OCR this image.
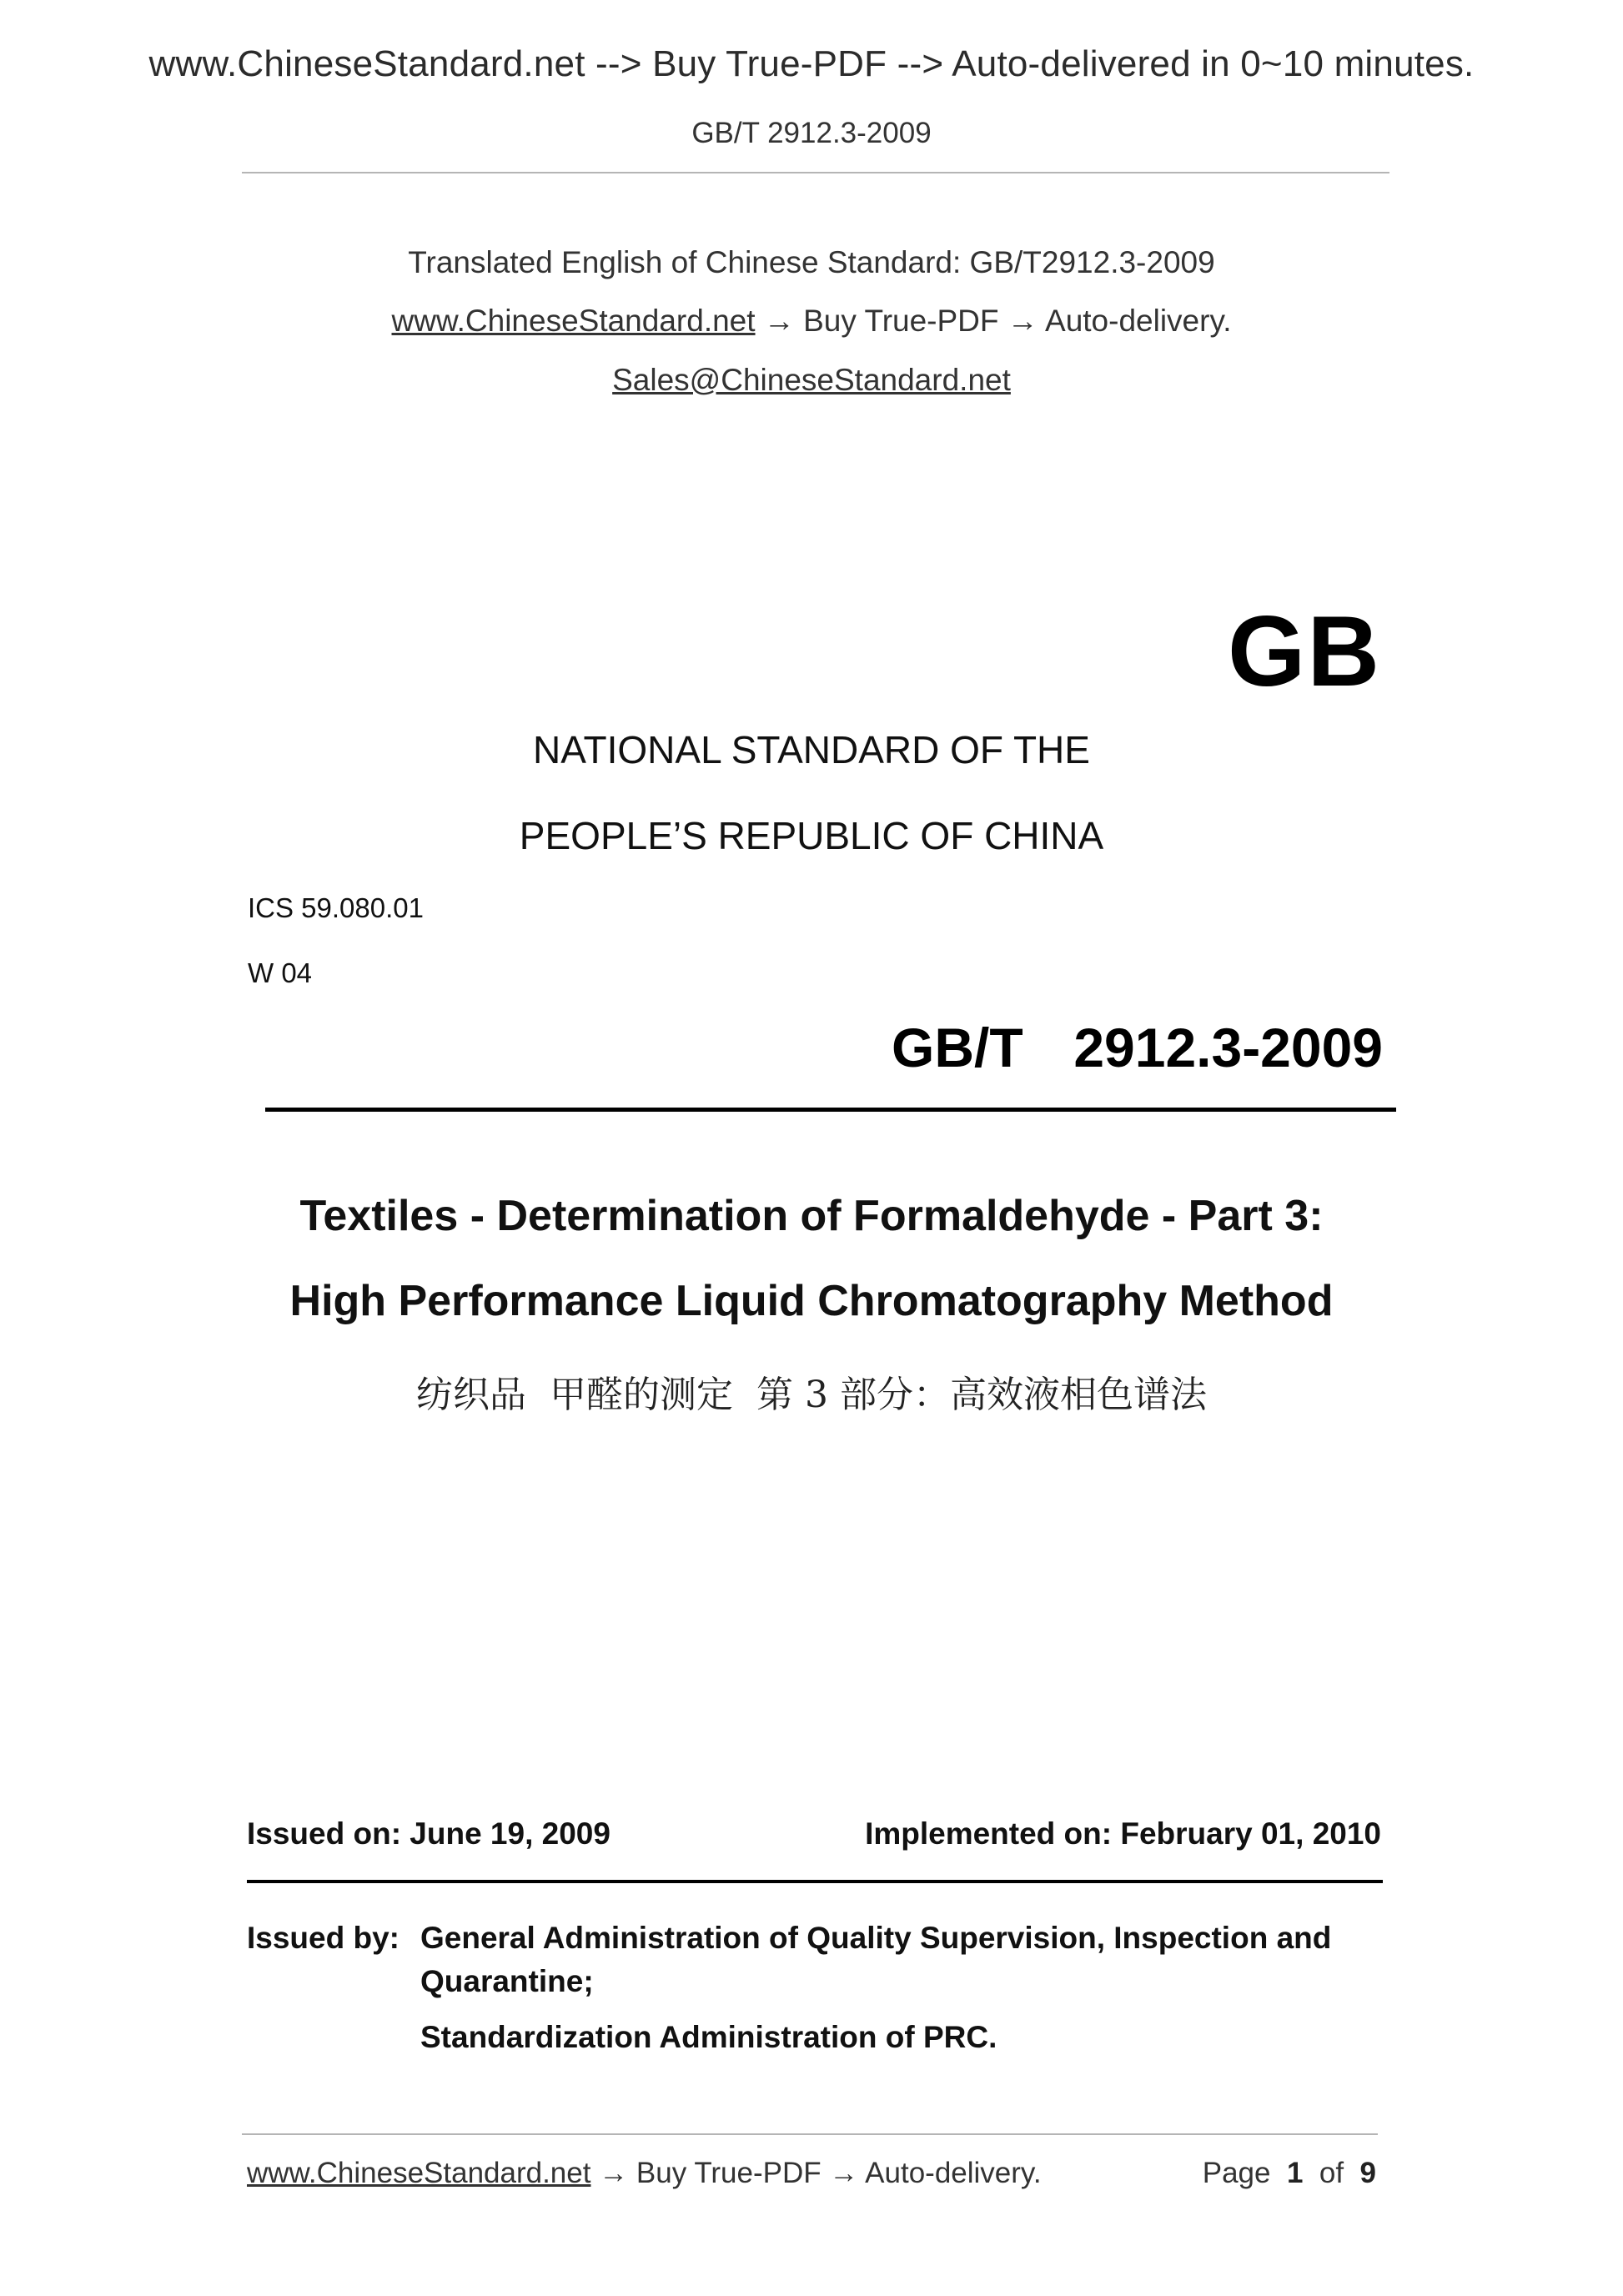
www.ChineseStandard.net --> Buy True-PDF --> Auto-delivered in 0~10 minutes.
GB/T 2912.3-2009
Translated English of Chinese Standard: GB/T2912.3-2009
www.ChineseStandard.net → Buy True-PDF → Auto-delivery.
Sales@ChineseStandard.net
GB
NATIONAL STANDARD OF THE
PEOPLE’S REPUBLIC OF CHINA
ICS 59.080.01
W 04
GB/T  2912.3-2009
Textiles - Determination of Formaldehyde - Part 3:
High Performance Liquid Chromatography Method
纺织品  甲醛的测定  第 3 部分：高效液相色谱法
Issued on: June 19, 2009	Implemented on: February 01, 2010
Issued by: General Administration of Quality Supervision, Inspection and Quarantine;
Standardization Administration of PRC.
www.ChineseStandard.net → Buy True-PDF → Auto-delivery.	Page 1 of 9
